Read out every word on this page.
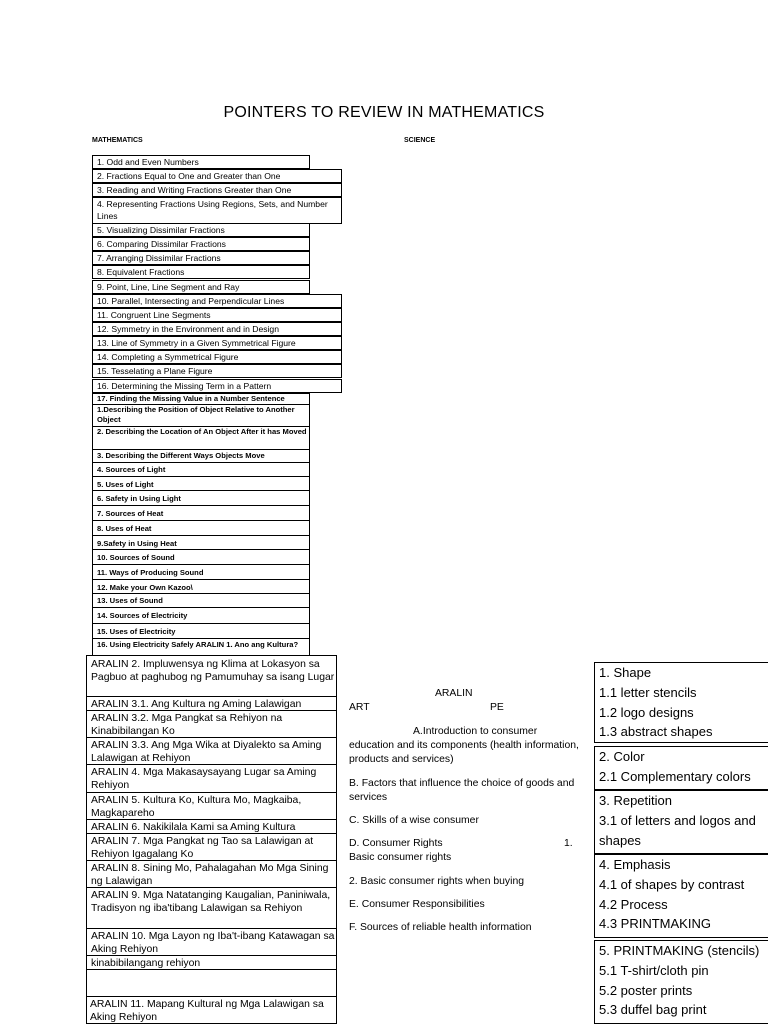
POINTERS TO REVIEW IN MATHEMATICS
MATHEMATICS	SCIENCE
1. Odd and Even Numbers
2. Fractions Equal to One and Greater than One
3. Reading and Writing Fractions Greater than One
4. Representing Fractions Using Regions, Sets, and Number Lines
5. Visualizing Dissimilar Fractions
6. Comparing Dissimilar Fractions
7. Arranging Dissimilar Fractions
8. Equivalent Fractions
9. Point, Line, Line Segment and Ray
10. Parallel, Intersecting and Perpendicular Lines
11. Congruent Line Segments
12. Symmetry in the Environment and in Design
13. Line of Symmetry in a Given Symmetrical Figure
14. Completing a Symmetrical Figure
15. Tesselating a Plane Figure
16. Determining the Missing Term in a Pattern
17. Finding the Missing Value in a Number Sentence
1.Describing the Position of Object Relative to Another Object
2. Describing the Location of An Object After it has Moved
3. Describing the Different Ways Objects Move
4. Sources of Light
5. Uses of Light
6. Safety in Using Light
7. Sources of Heat
8. Uses of Heat
9.Safety in Using Heat
10. Sources of Sound
11. Ways of Producing Sound
12. Make your Own Kazoo\
13. Uses of Sound
14. Sources of Electricity
15. Uses of Electricity
16. Using Electricity Safely ARALIN 1. Ano ang Kultura?
ARALIN 2. Impluwensya ng Klima at Lokasyon sa Pagbuo at paghubog ng Pamumuhay sa isang Lugar
ARALIN 3.1. Ang Kultura ng Aming Lalawigan
ARALIN 3.2. Mga Pangkat sa Rehiyon na Kinabibilangan Ko
ARALIN 3.3. Ang Mga Wika at Diyalekto sa Aming Lalawigan at Rehiyon
ARALIN 4. Mga Makasaysayang Lugar sa Aming Rehiyon
ARALIN 5. Kultura Ko, Kultura Mo, Magkaiba, Magkapareho
ARALIN 6. Nakikilala Kami sa Aming Kultura
ARALIN 7. Mga Pangkat ng Tao sa Lalawigan at Rehiyon Igagalang Ko
ARALIN 8. Sining Mo, Pahalagahan Mo Mga Sining ng Lalawigan
ARALIN 9. Mga Natatanging Kaugalian, Paniniwala, Tradisyon ng iba'tibang Lalawigan sa Rehiyon
ARALIN 10. Mga Layon ng Iba't-ibang Katawagan sa Aking Rehiyon
kinabibilangang rehiyon
ARALIN 11. Mapang Kultural ng Mga Lalawigan sa Aking Rehiyon
ARALIN
ART	PE
A.Introduction to consumer education and its components (health information, products and services)
B. Factors that influence the choice of goods and services
C. Skills of a wise consumer
D. Consumer Rights	1.
Basic consumer rights
2. Basic consumer rights when buying
E. Consumer Responsibilities
F. Sources of reliable health information
1. Shape
1.1 letter stencils
1.2 logo designs
1.3 abstract shapes
2. Color
2.1 Complementary colors
3. Repetition
3.1 of letters and logos and shapes
4. Emphasis
4.1 of shapes by contrast
4.2 Process
4.3 PRINTMAKING
5. PRINTMAKING (stencils)
5.1 T-shirt/cloth pin
5.2 poster prints
5.3 duffel bag print
